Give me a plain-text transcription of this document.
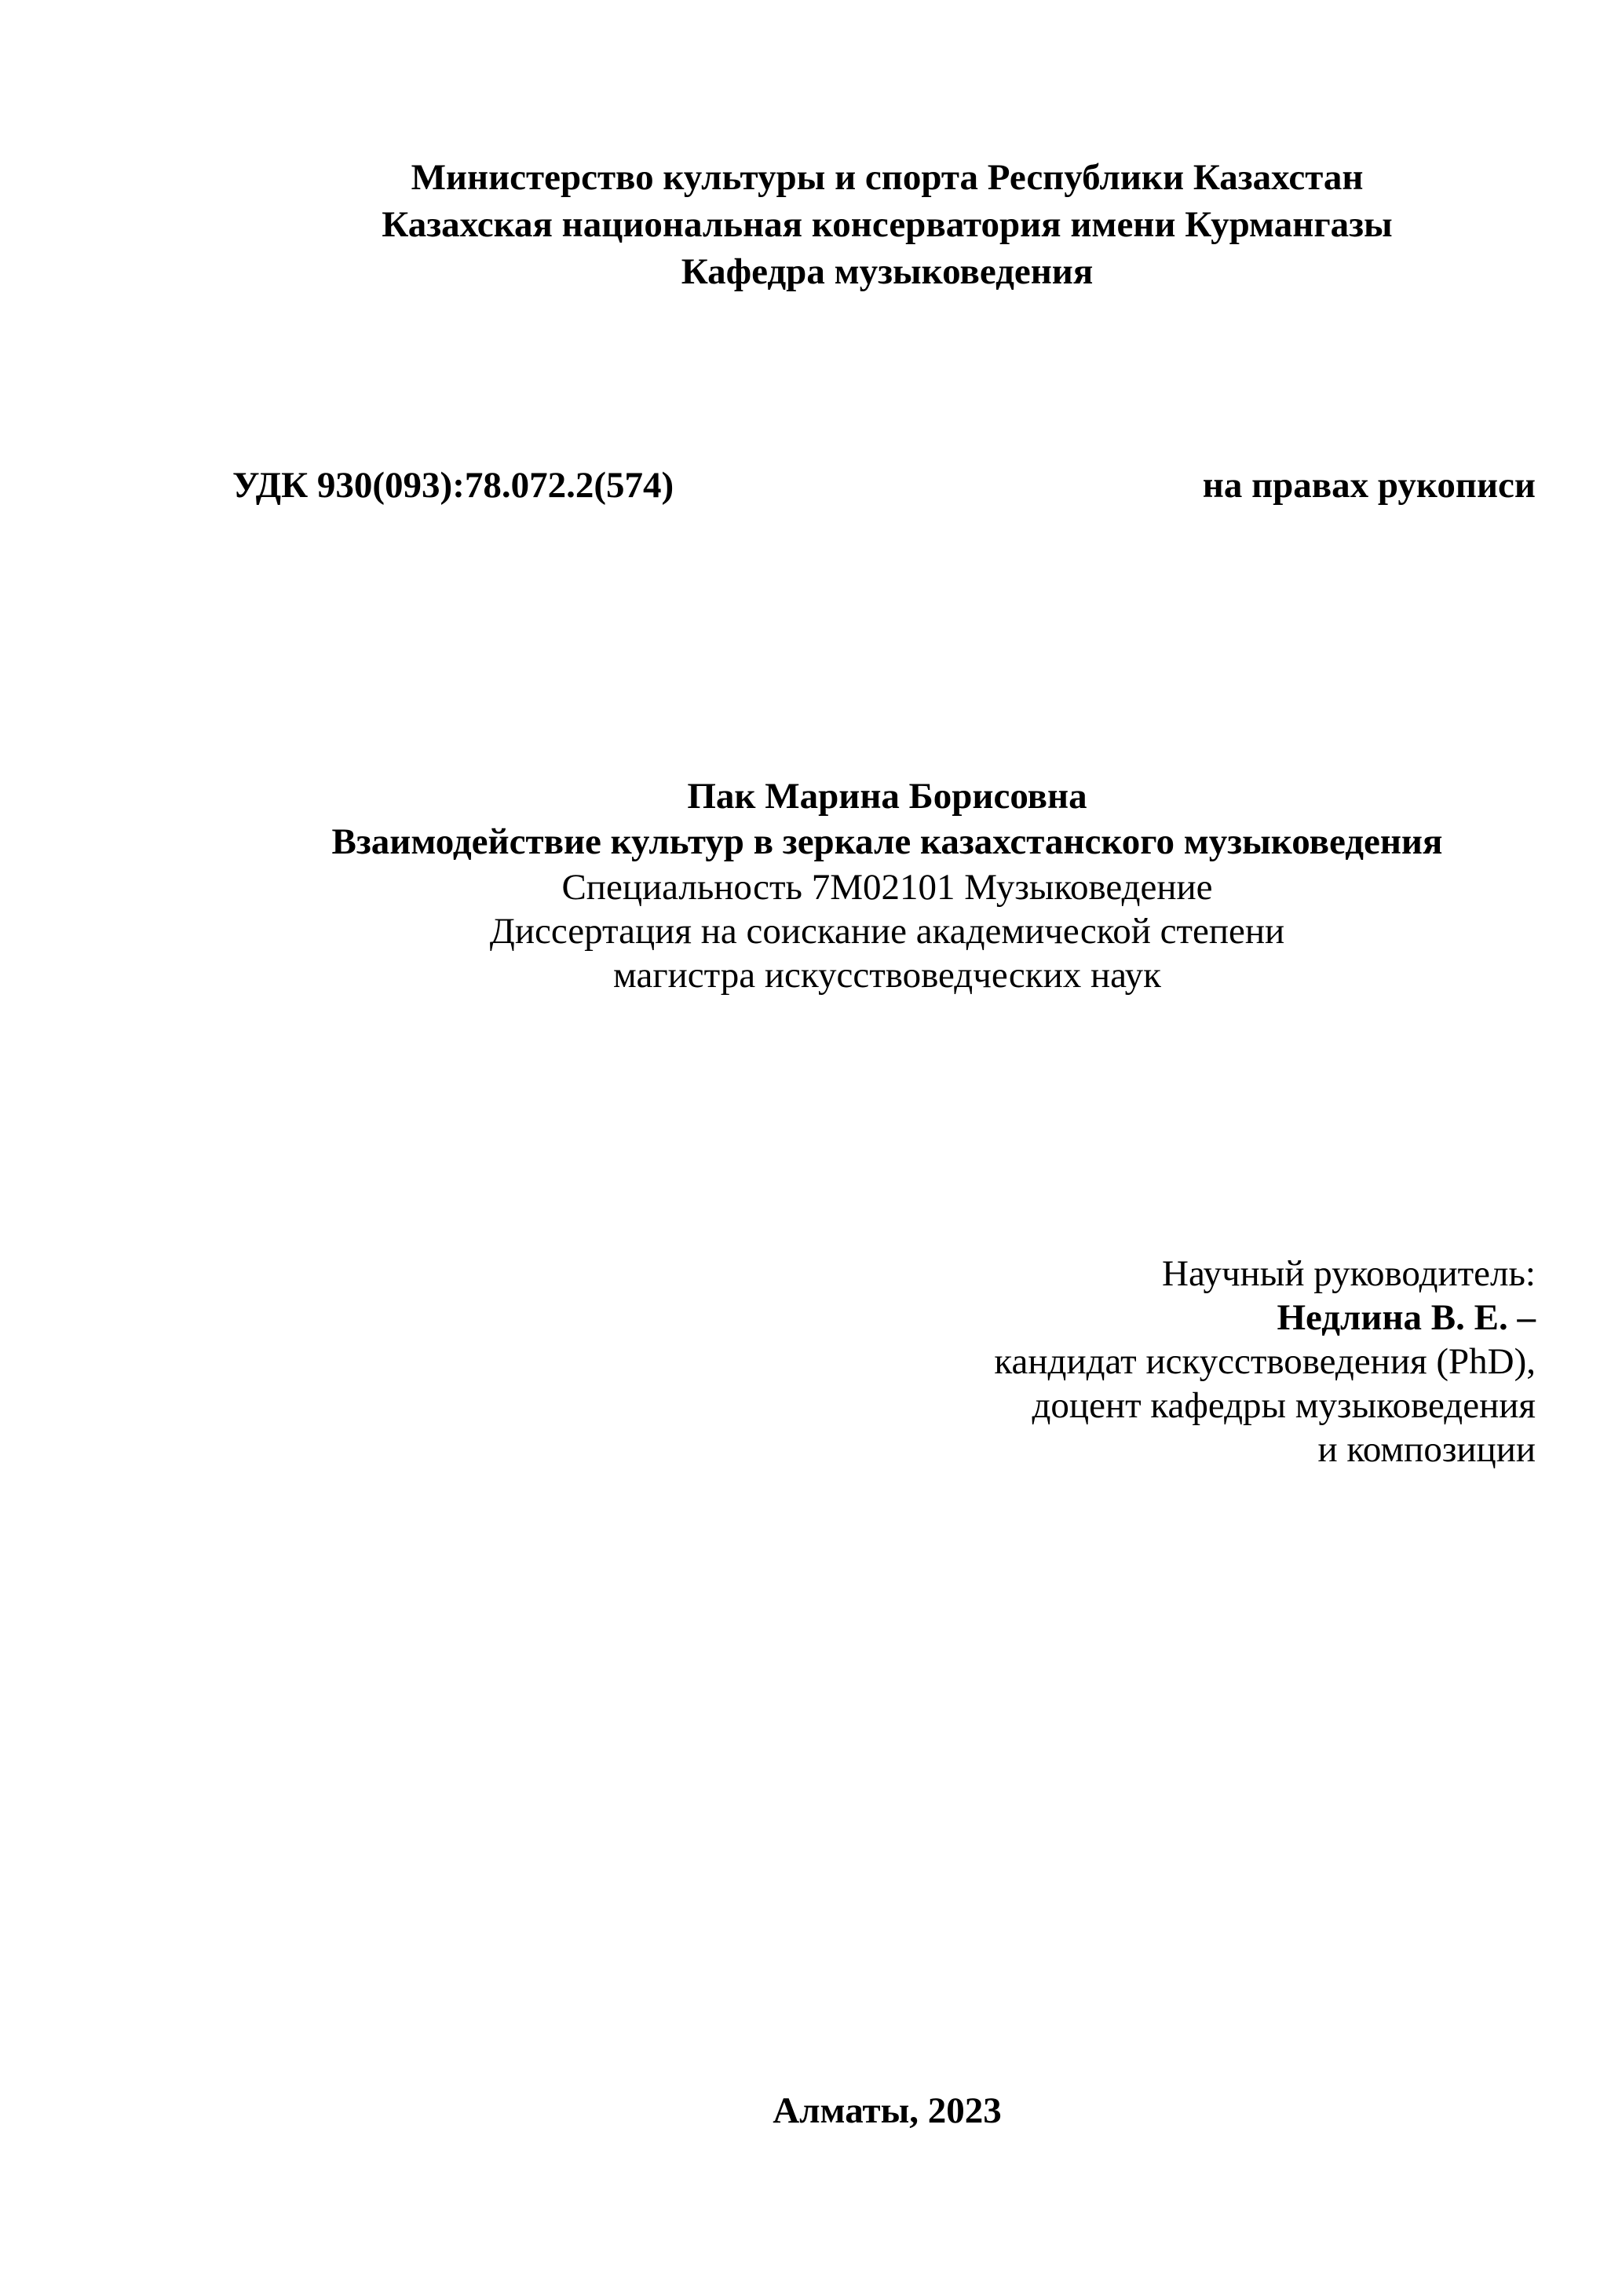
Министерство культуры и спорта Республики Казахстан
Казахская национальная консерватория имени Курмангазы
Кафедра музыковедения
УДК 930(093):78.072.2(574)	на правах рукописи
Пак Марина Борисовна
Взаимодействие культур в зеркале казахстанского музыковедения
Специальность 7М02101 Музыковедение
Диссертация на соискание академической степени
магистра искусствоведческих наук
Научный руководитель:
Недлина В. Е. –
кандидат искусствоведения (PhD),
доцент кафедры музыковедения
и композиции
Алматы, 2023
